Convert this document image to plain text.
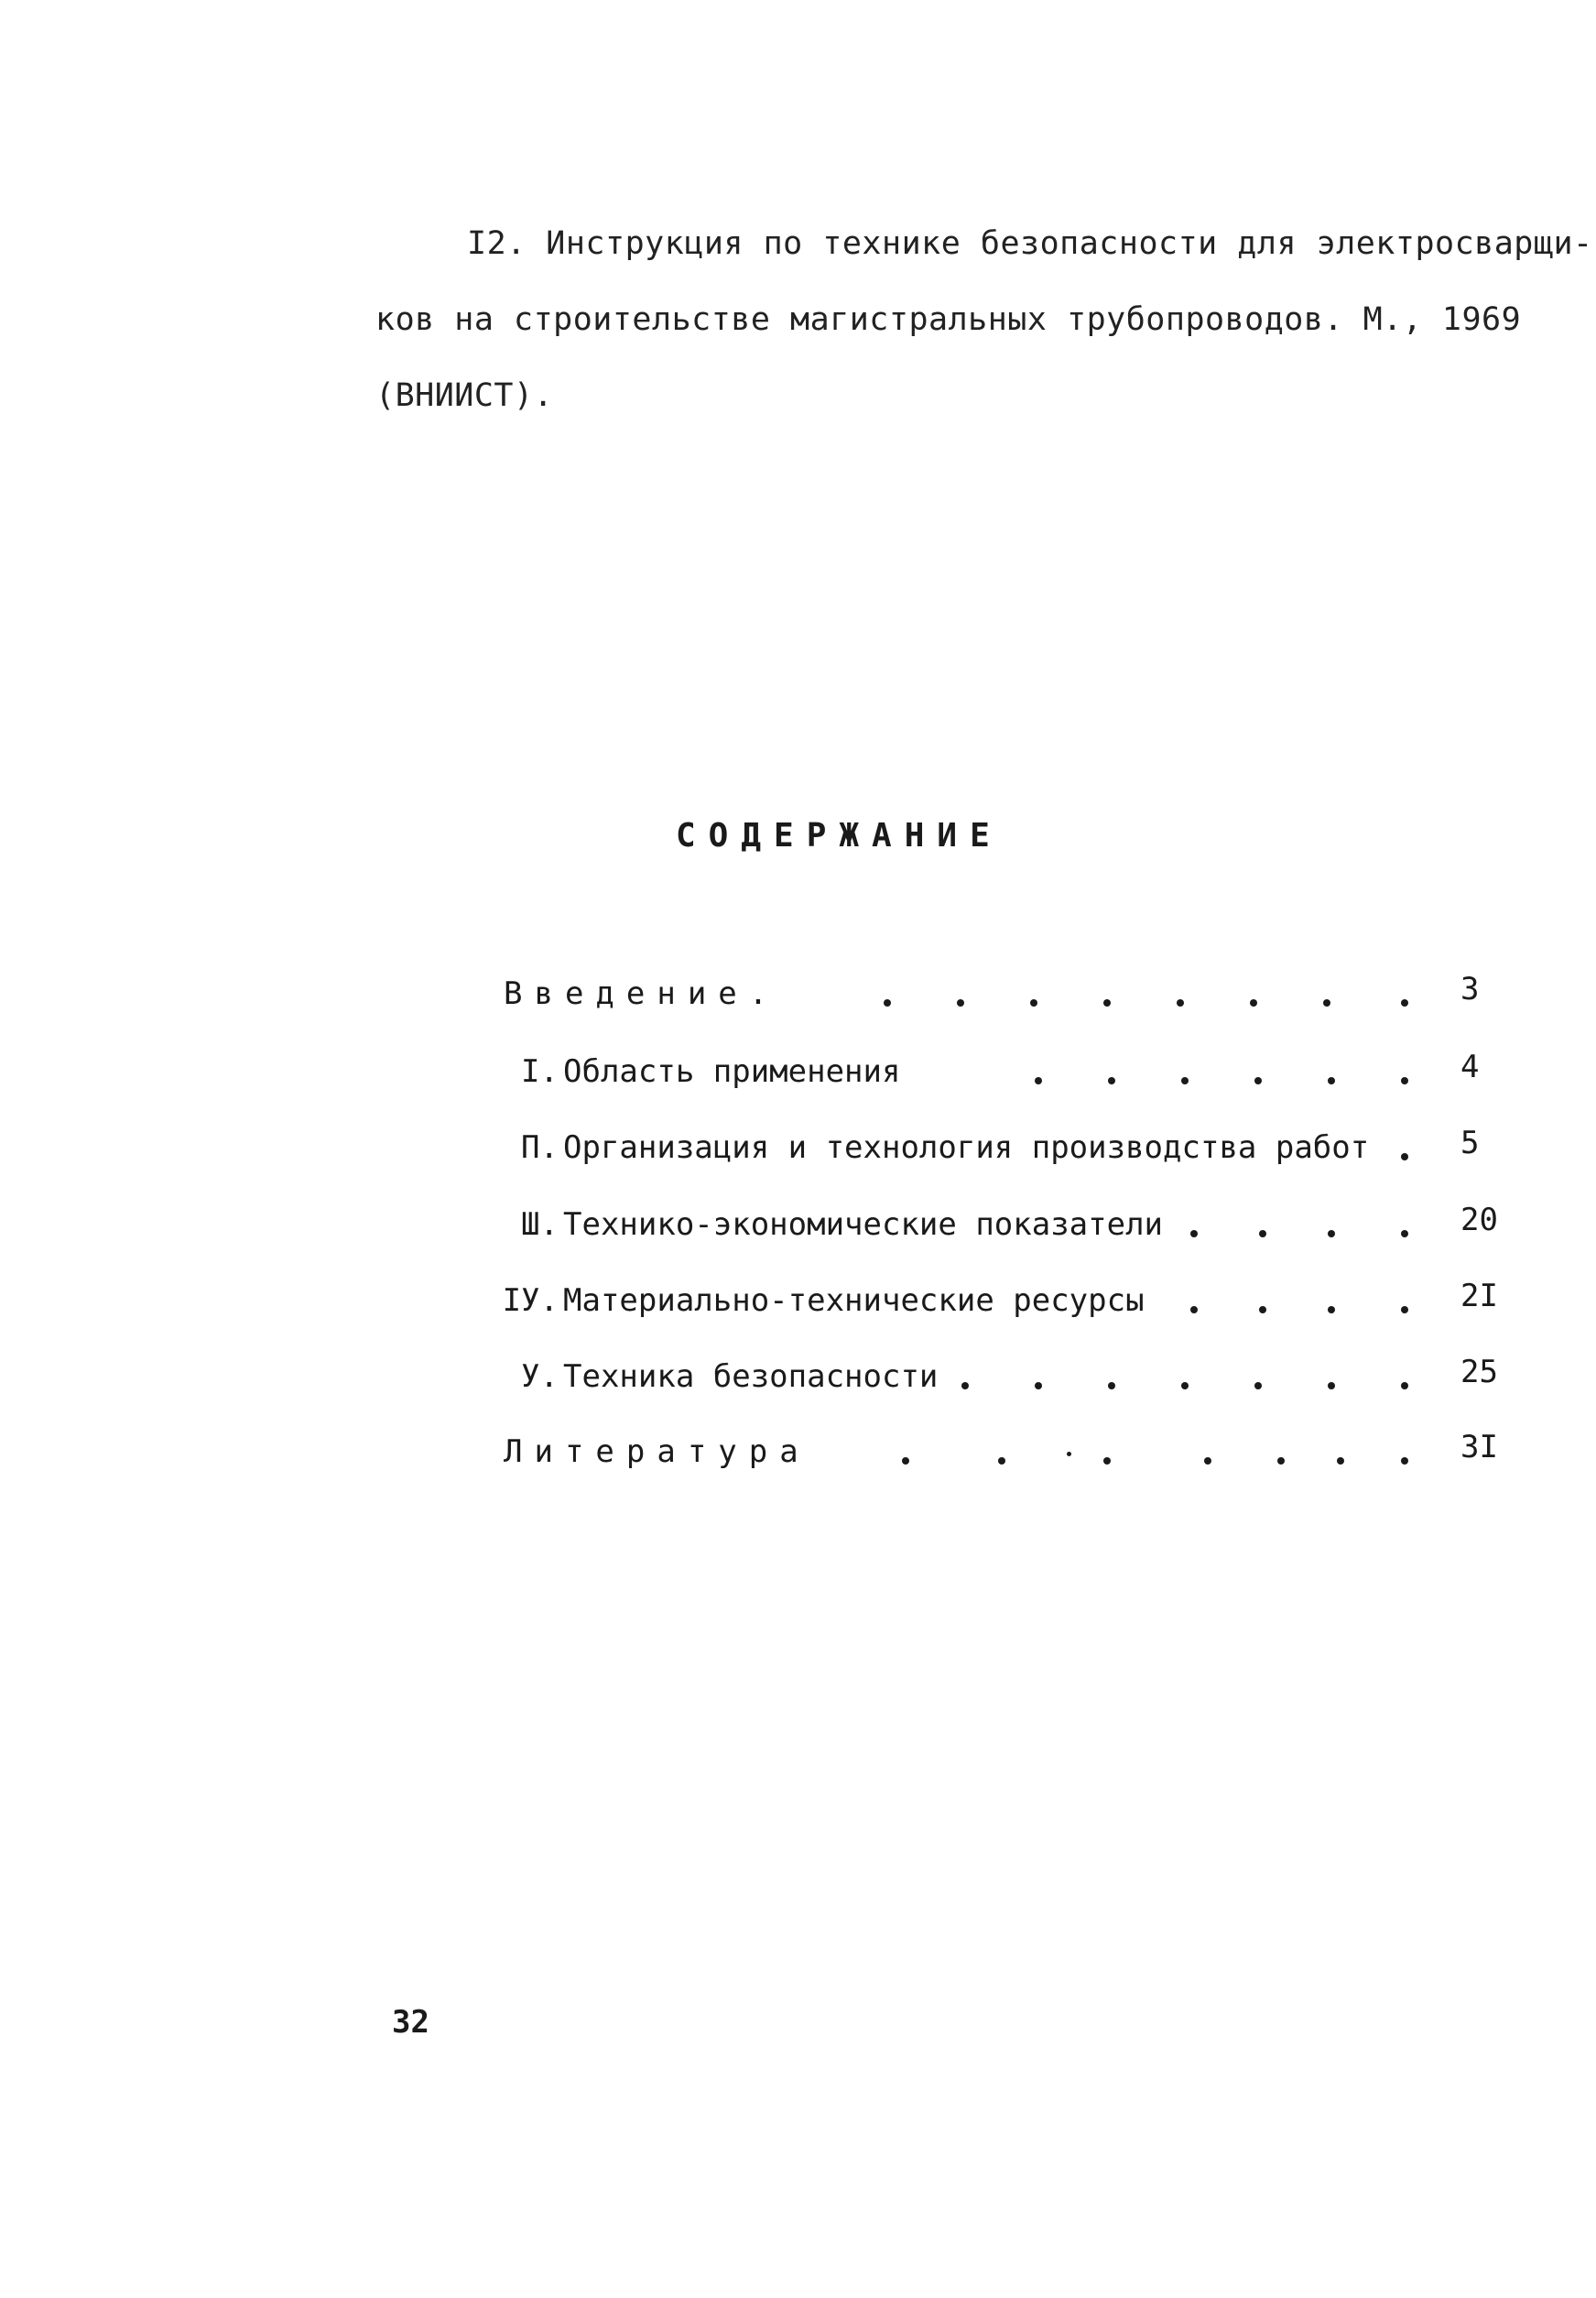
I2. Инструкция по технике безопасности для электросварщи-
ков на строительстве магистральных трубопроводов. М., 1969
(ВНИИСТ).
СОДЕРЖАНИЕ
Введение.	3
I. Область применения	4
П. Организация и технология производства работ	5
Ш. Технико-экономические показатели	20
IУ. Материально-технические ресурсы	2I
У. Техника безопасности	25
Литература	3I
32
